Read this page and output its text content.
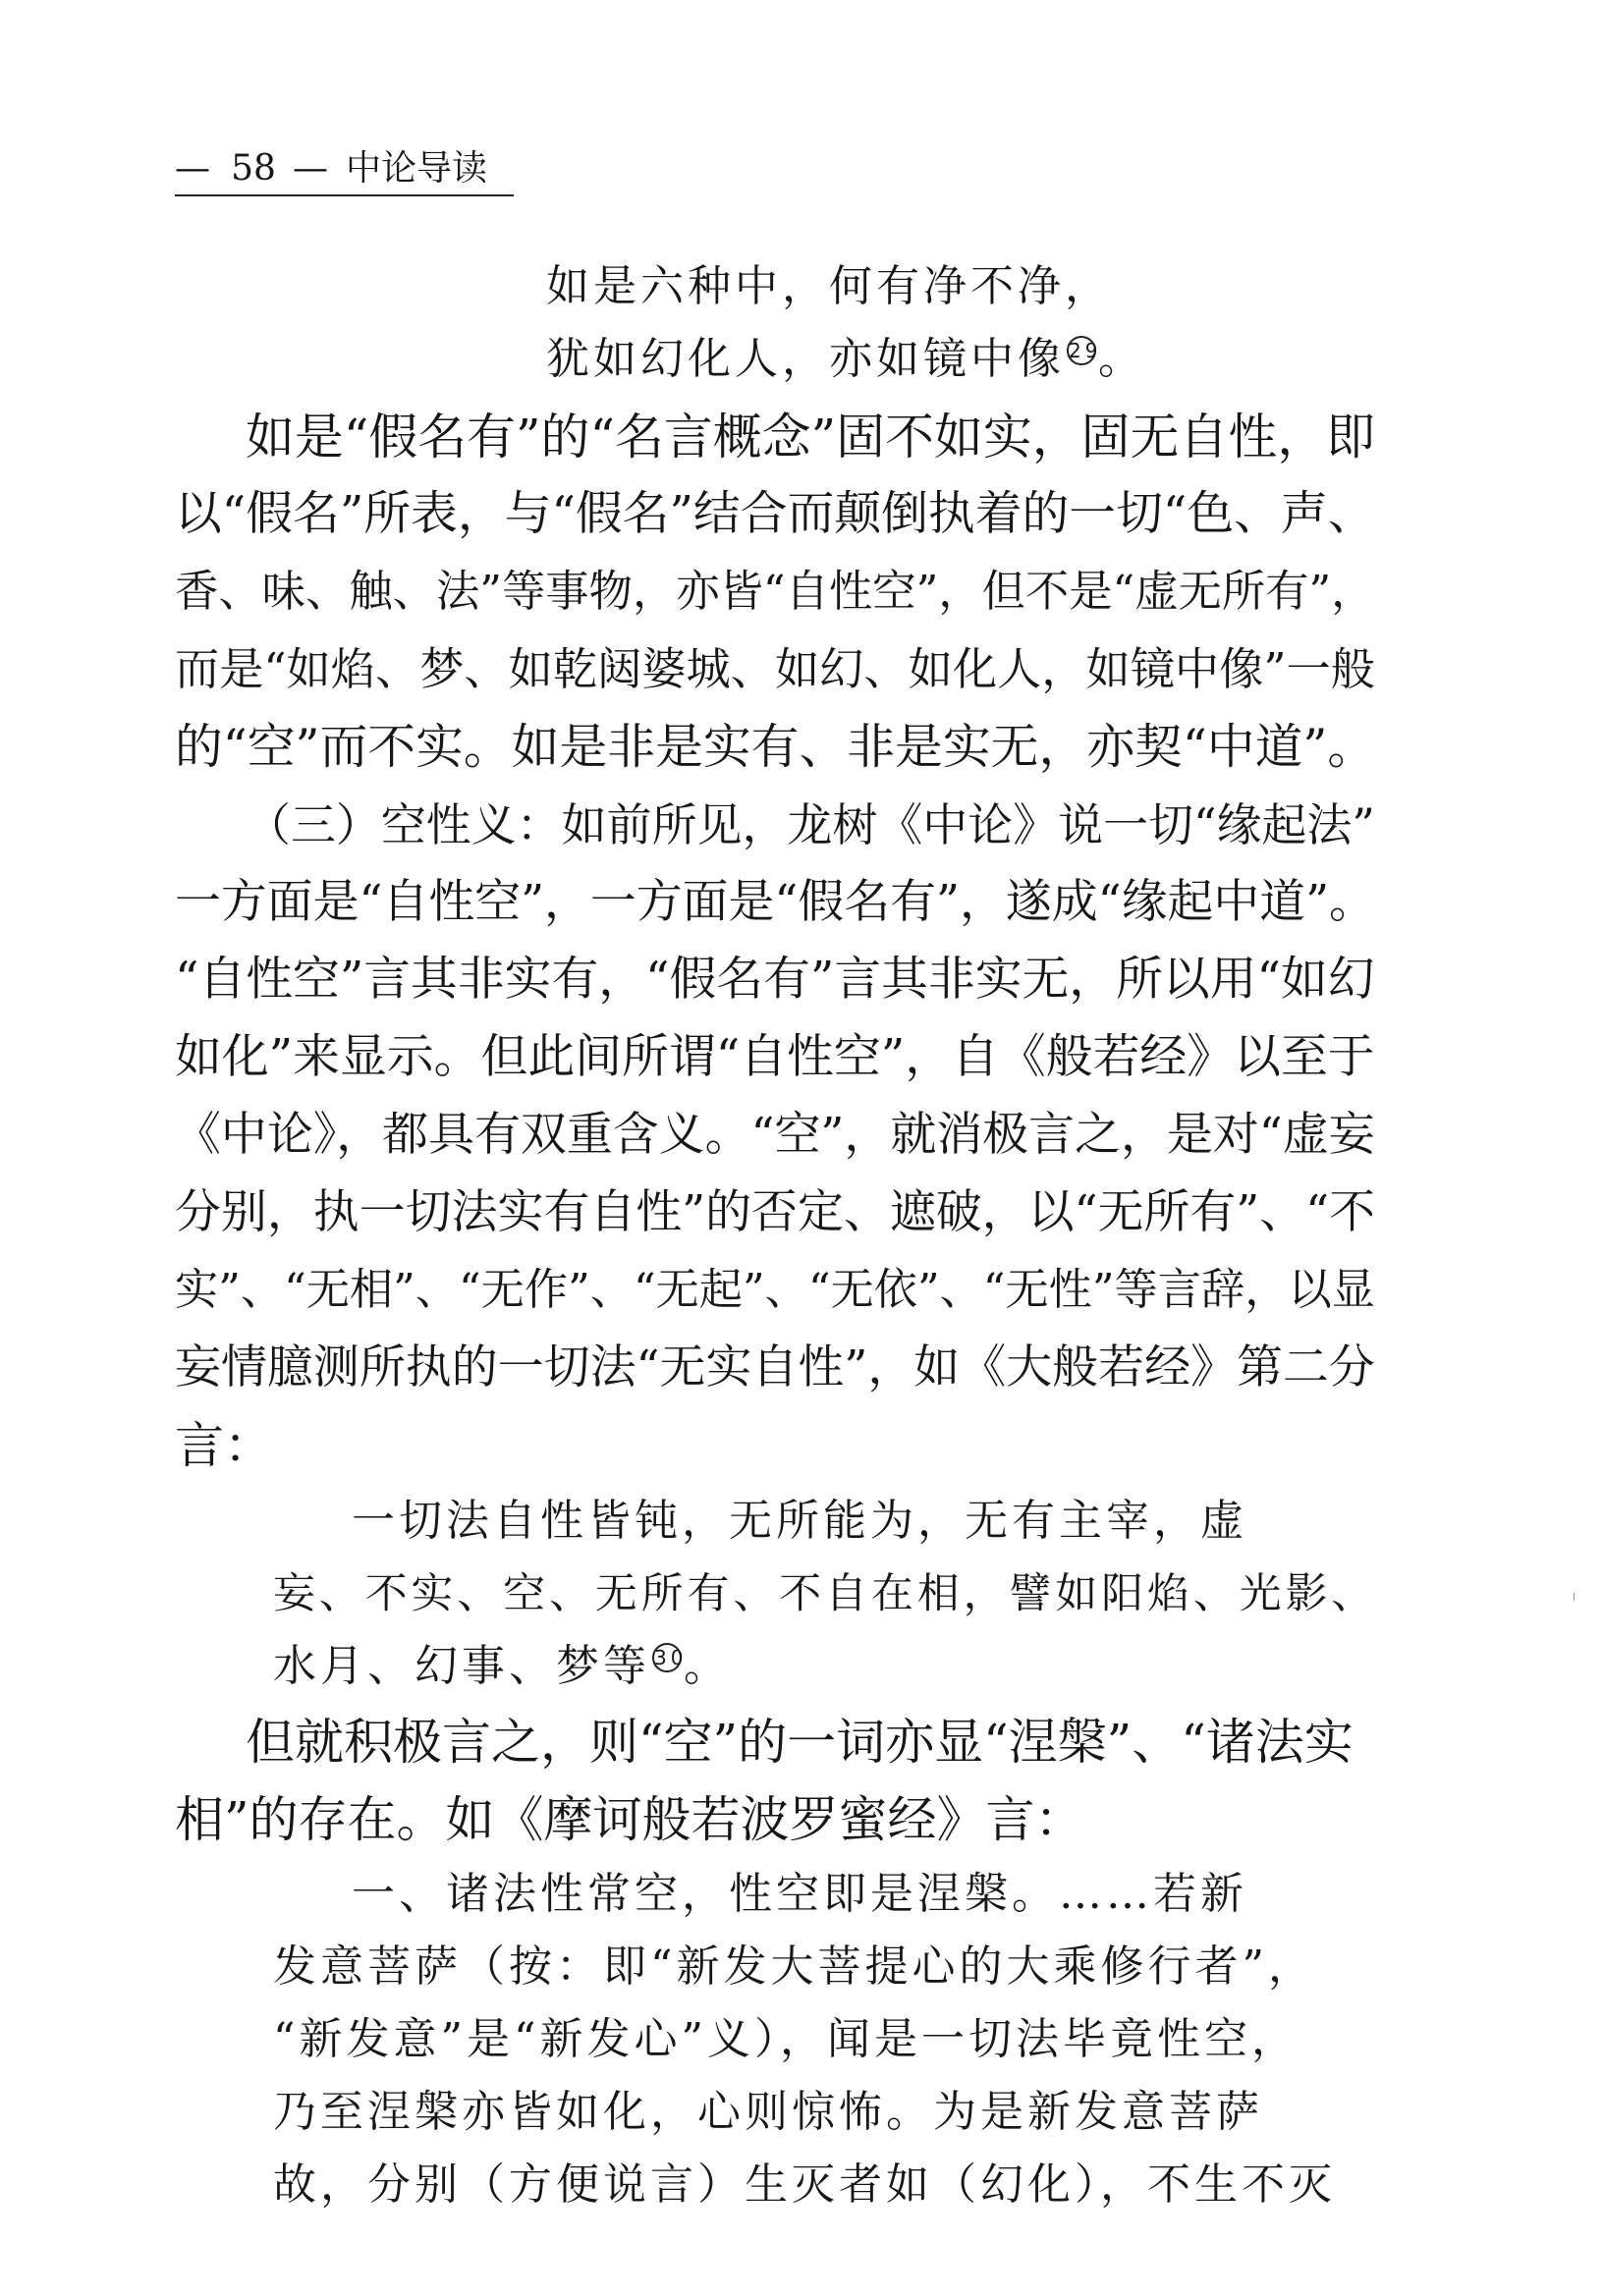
— 58 — 中论导读
如是六种中，何有净不净，
犹如幻化人，亦如镜中像 29。
如是“假名有”的“名言概念”固不如实，固无自性，即
以“假名”所表，与“假名”结合而颠倒执着的一切“色、声、
香、味、触、法”等事物，亦皆“自性空”，但不是“虚无所有”，
而是“如焰、梦、如乾闼婆城、如幻、如化人，如镜中像”一般
的“空”而不实。如是非是实有、非是实无，亦契“中道”。
（三）空性义：如前所见，龙树《中论》说一切“缘起法”
一方面是“自性空”，一方面是“假名有”，遂成“缘起中道”。
“自性空”言其非实有，“假名有”言其非实无，所以用“如幻
如化”来显示。但此间所谓“自性空”，自《般若经》以至于
《中论》，都具有双重含义。“空”，就消极言之，是对“虚妄
分别，执一切法实有自性”的否定、遮破，以“无所有”、“不
实”、“无相”、“无作”、“无起”、“无依”、“无性”等言辞，以显
妄情臆测所执的一切法“无实自性”，如《大般若经》第二分
言：
一切法自性皆钝，无所能为，无有主宰，虚
妄、不实、空、无所有、不自在相，譬如阳焰、光影、
水月、幻事、梦等 30。
但就积极言之，则“空”的一词亦显“涅槃”、“诸法实
相”的存在。如《摩诃般若波罗蜜经》言：
一、诸法性常空，性空即是涅槃。……若新
发意菩萨（按：即“新发大菩提心的大乘修行者”，
“新发意”是“新发心”义），闻是一切法毕竟性空，
乃至涅槃亦皆如化，心则惊怖。为是新发意菩萨
故，分别（方便说言）生灭者如（幻化），不生不灭
